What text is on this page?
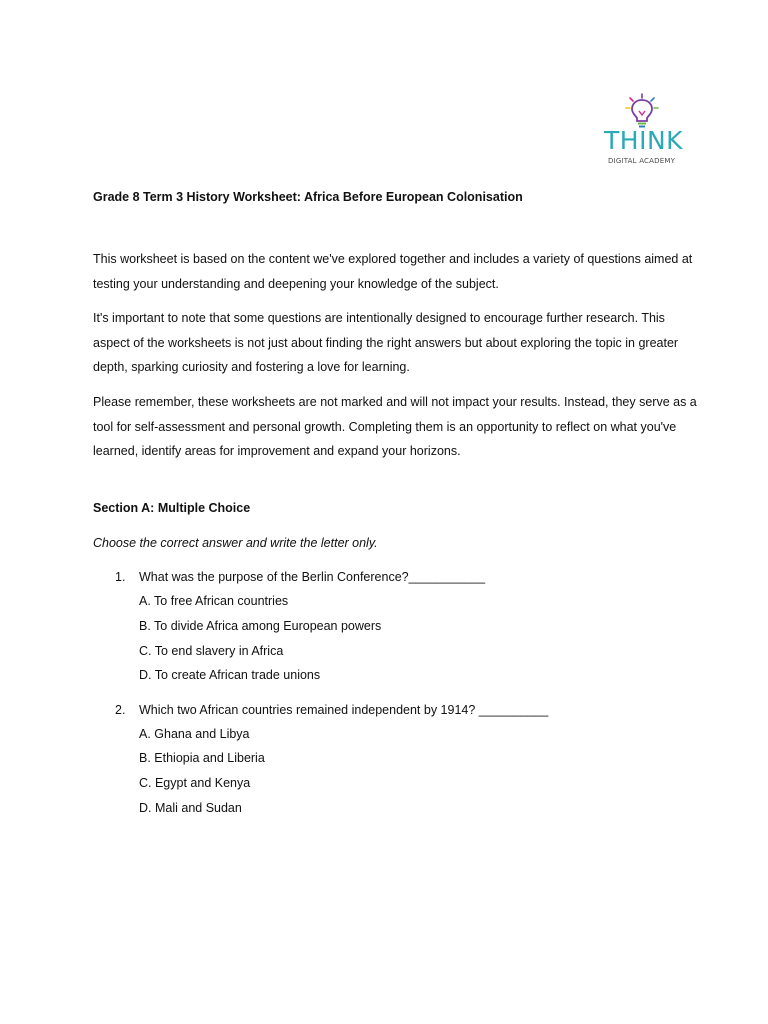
THINK
DIGITAL ACADEMY
Grade 8 Term 3 History Worksheet: Africa Before European Colonisation

This worksheet is based on the content we've explored together and includes a variety of questions aimed at testing your understanding and deepening your knowledge of the subject.

It's important to note that some questions are intentionally designed to encourage further research. This aspect of the worksheets is not just about finding the right answers but about exploring the topic in greater depth, sparking curiosity and fostering a love for learning.

Please remember, these worksheets are not marked and will not impact your results. Instead, they serve as a tool for self-assessment and personal growth. Completing them is an opportunity to reflect on what you've learned, identify areas for improvement and expand your horizons.

Section A: Multiple Choice
Choose the correct answer and write the letter only.
1. What was the purpose of the Berlin Conference?___________
A. To free African countries
B. To divide Africa among European powers
C. To end slavery in Africa
D. To create African trade unions
2. Which two African countries remained independent by 1914? __________
A. Ghana and Libya
B. Ethiopia and Liberia
C. Egypt and Kenya
D. Mali and Sudan
